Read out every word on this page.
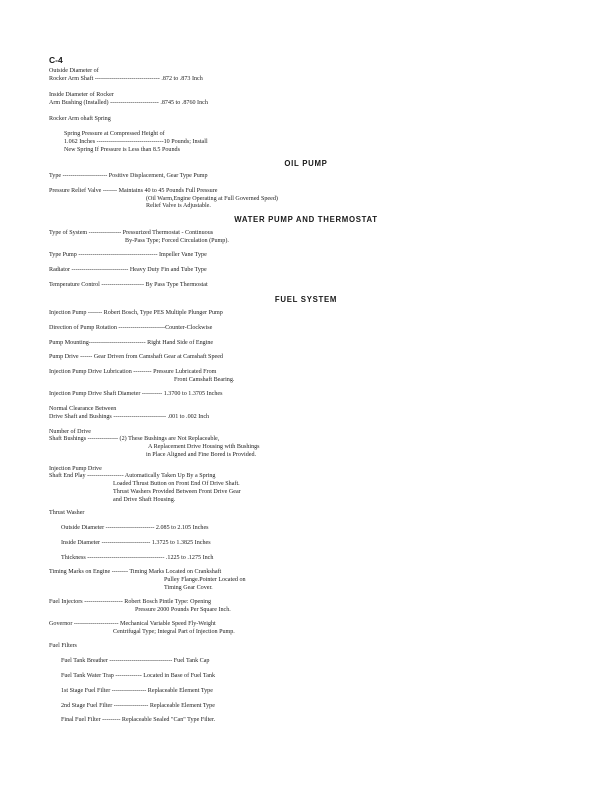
C-4
Outside Diameter of
Rocker Arm Shaft -------------------------------- .872 to .873 Inch
Inside Diameter of Rocker
Arm Bushing (Installed) ------------------------ .8745 to .8760 Inch
Rocker Arm ohaft Spring
Spring Pressure at Compressed Height of
1.062 Inches ---------------------------------10 Pounds; Install
New Spring If Pressure is Less than 8.5 Pounds
OIL PUMP
Type ---------------------- Positive Displacement, Gear Type Pump
Pressure Relief Valve ------- Maintains 40 to 45 Pounds Full Pressure
(Oil Warm,Engine Operating at Full Governed Speed)
Relief Valve is Adjustable.
WATER PUMP AND THERMOSTAT
Type of System ---------------- Pressurized Thermostat - Continuous
By-Pass Type; Forced Circulation (Pump).
Type Pump --------------------------------------- Impeller Vane Type
Radiator ---------------------------- Heavy Duty Fin and Tube Type
Temperature Control --------------------- By Pass Type Thermostat
FUEL SYSTEM
Injection Pump ------- Robert Bosch, Type PES Multiple Plunger Pump
Direction of Pump Rotation -----------------------Counter-Clockwise
Pump Mounting---------------------------- Right Hand Side of Engine
Pump Drive ------ Gear Driven from Camshaft Gear at Camshaft Speed
Injection Pump Drive Lubrication --------- Pressure Lubricated From
Front Camshaft Bearing.
Injection Pump Drive Shaft Diameter ---------- 1.3700 to 1.3705 Inches
Normal Clearance Between
Drive Shaft and Bushings -------------------------- .001 to .002 Inch
Number of Drive
Shaft Bushings --------------- (2) These Bushings are Not Replaceable,
A Replacement Drive Housing with Bushings
in Place Aligned and Fine Bored is Provided.
Injection Pump Drive
Shaft End Play ------------------ Automatically Taken Up By a Spring
Loaded Thrust Button on Front End Of Drive Shaft.
Thrust Washers Provided Between Front Drive Gear
and Drive Shaft Housing.
Thrust Washer
Outside Diameter ------------------------ 2.085 to 2.105 Inches
Inside Diameter ------------------------ 1.3725 to 1.3825 Inches
Thickness -------------------------------------- .1225 to .1275 Inch
Timing Marks on Engine -------- Timing Marks Located on Crankshaft
Pulley Flange.Pointer Located on
Timing Gear Cover.
Fuel Injectors ------------------- Robert Bosch Pintle Type: Opening
Pressure 2000 Pounds Per Square Inch.
Governor ---------------------- Mechanical Variable Speed Fly-Weight
Centrifugal Type; Integral Part of Injection Pump.
Fuel Filters
Fuel Tank Breather ------------------------------- Fuel Tank Cap
Fuel Tank Water Trap ------------- Located in Base of Fuel Tank
1st Stage Fuel Filter ----------------- Replaceable Element Type
2nd Stage Fuel Filter ----------------- Replaceable Element Type
Final Fuel Filter --------- Replaceable Sealed "Can" Type Filter.
